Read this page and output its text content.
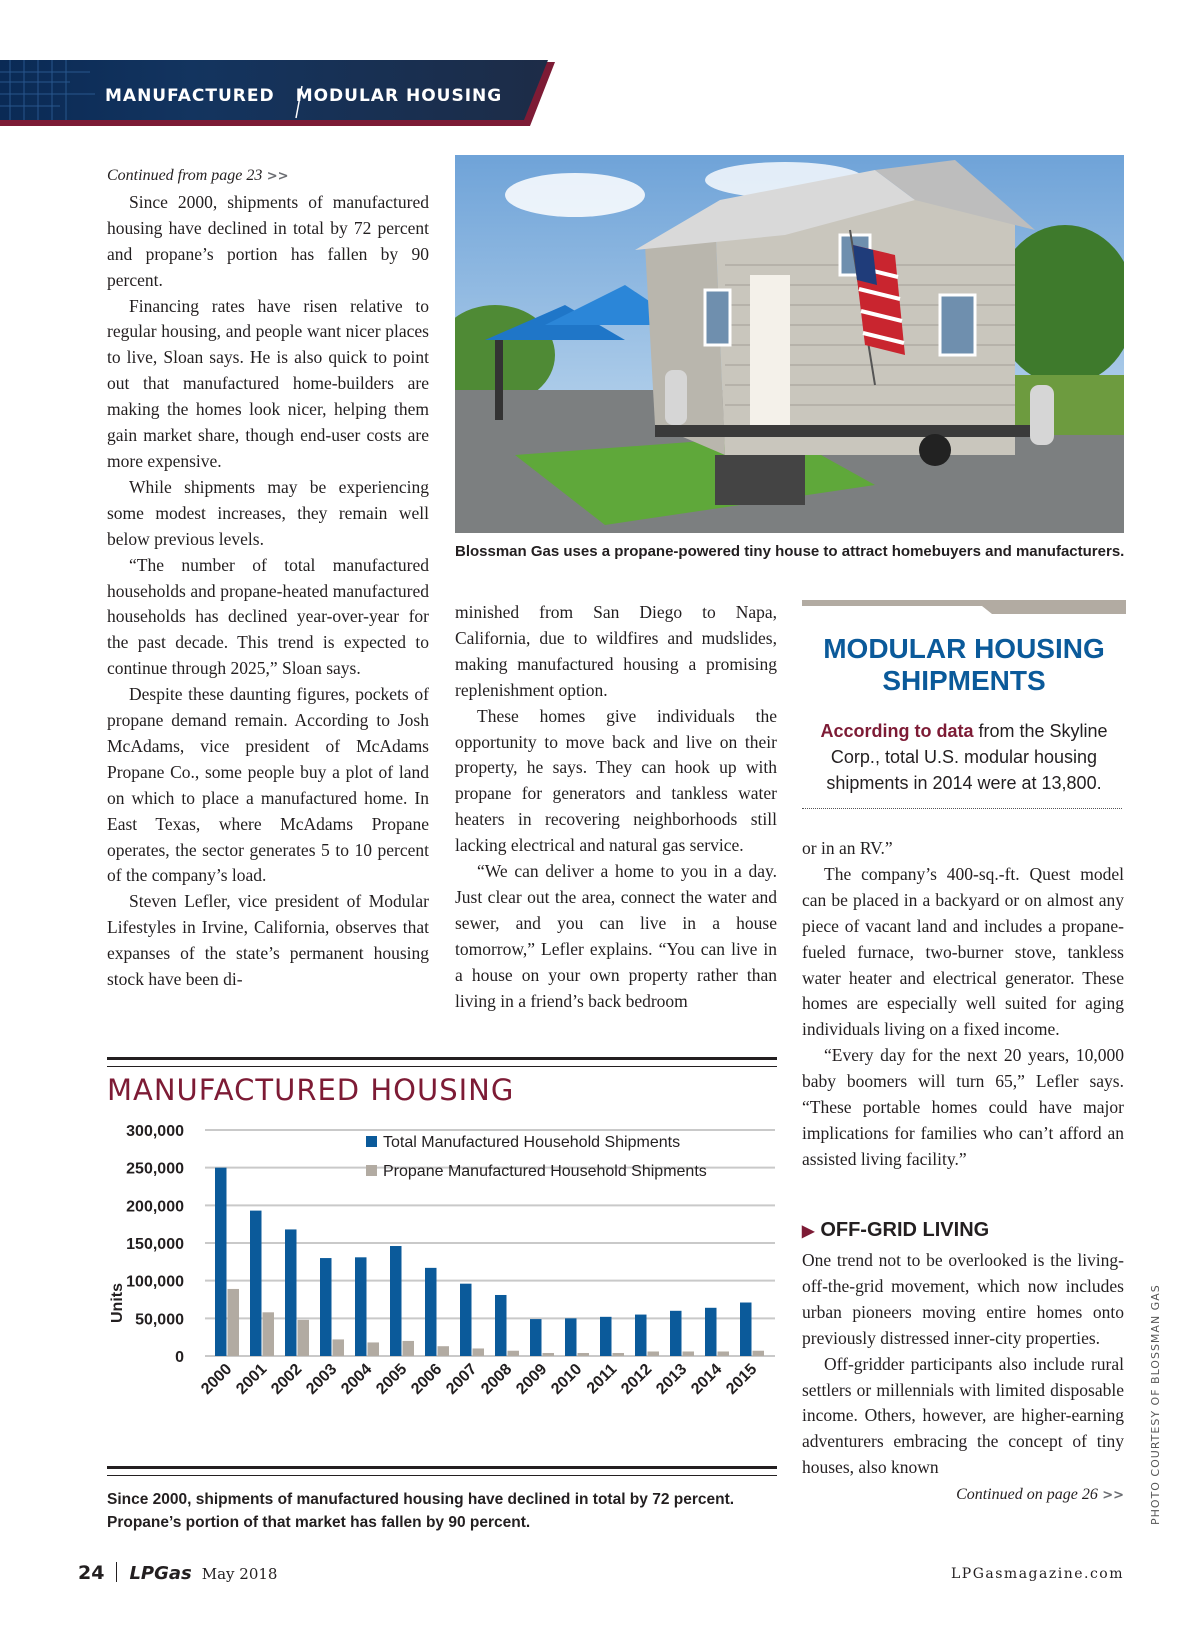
MANUFACTURED MODULAR HOUSING

Continued from page 23 >>

Since 2000, shipments of manufactured housing have declined in total by 72 percent and propane’s portion has fallen by 90 percent.

Financing rates have risen relative to regular housing, and people want nicer places to live, Sloan says. He is also quick to point out that manufactured home-builders are making the homes look nicer, helping them gain market share, though end-user costs are more expensive.

While shipments may be experiencing some modest increases, they remain well below previous levels.

“The number of total manufactured households and propane-heated manufactured households has declined year-over-year for the past decade. This trend is expected to continue through 2025,” Sloan says.

Despite these daunting figures, pockets of propane demand remain. According to Josh McAdams, vice president of McAdams Propane Co., some people buy a plot of land on which to place a manufactured home. In East Texas, where McAdams Propane operates, the sector generates 5 to 10 percent of the company’s load.

Steven Lefler, vice president of Modular Lifestyles in Irvine, California, observes that expanses of the state’s permanent housing stock have been di-

Blossman Gas uses a propane-powered tiny house to attract homebuyers and manufacturers.
PHOTO COURTESY OF BLOSSMAN GAS

minished from San Diego to Napa, California, due to wildfires and mudslides, making manufactured housing a promising replenishment option.

These homes give individuals the opportunity to move back and live on their property, he says. They can hook up with propane for generators and tankless water heaters in recovering neighborhoods still lacking electrical and natural gas service.

“We can deliver a home to you in a day. Just clear out the area, connect the water and sewer, and you can live in a house tomorrow,” Lefler explains. “You can live in a house on your own property rather than living in a friend’s back bedroom

MODULAR HOUSING
SHIPMENTS
According to data from the Skyline Corp., total U.S. modular housing shipments in 2014 were at 13,800.

or in an RV.”

The company’s 400-sq.-ft. Quest model can be placed in a backyard or on almost any piece of vacant land and includes a propane-fueled furnace, two-burner stove, tankless water heater and electrical generator. These homes are especially well suited for aging individuals living on a fixed income.

“Every day for the next 20 years, 10,000 baby boomers will turn 65,” Lefler says. “These portable homes could have major implications for families who can’t afford an assisted living facility.”

▶ OFF-GRID LIVING

One trend not to be overlooked is the living-off-the-grid movement, which now includes urban pioneers moving entire homes onto previously distressed inner-city properties.

Off-gridder participants also include rural settlers or millennials with limited disposable income. Others, however, are higher-earning adventurers embracing the concept of tiny houses, also known

Continued on page 26 >>

MANUFACTURED HOUSING
0
50,000
100,000
150,000
200,000
250,000
300,000
2000
2001
2002
2003
2004
2005
2006
2007
2008
2009
2010
2011
2012
2013
2014
2015
Total Manufactured Household Shipments
Propane Manufactured Household Shipments
Units
Since 2000, shipments of manufactured housing have declined in total by 72 percent.
Propane’s portion of that market has fallen by 90 percent.
24 LPGas May 2018	LPGasmagazine.com
